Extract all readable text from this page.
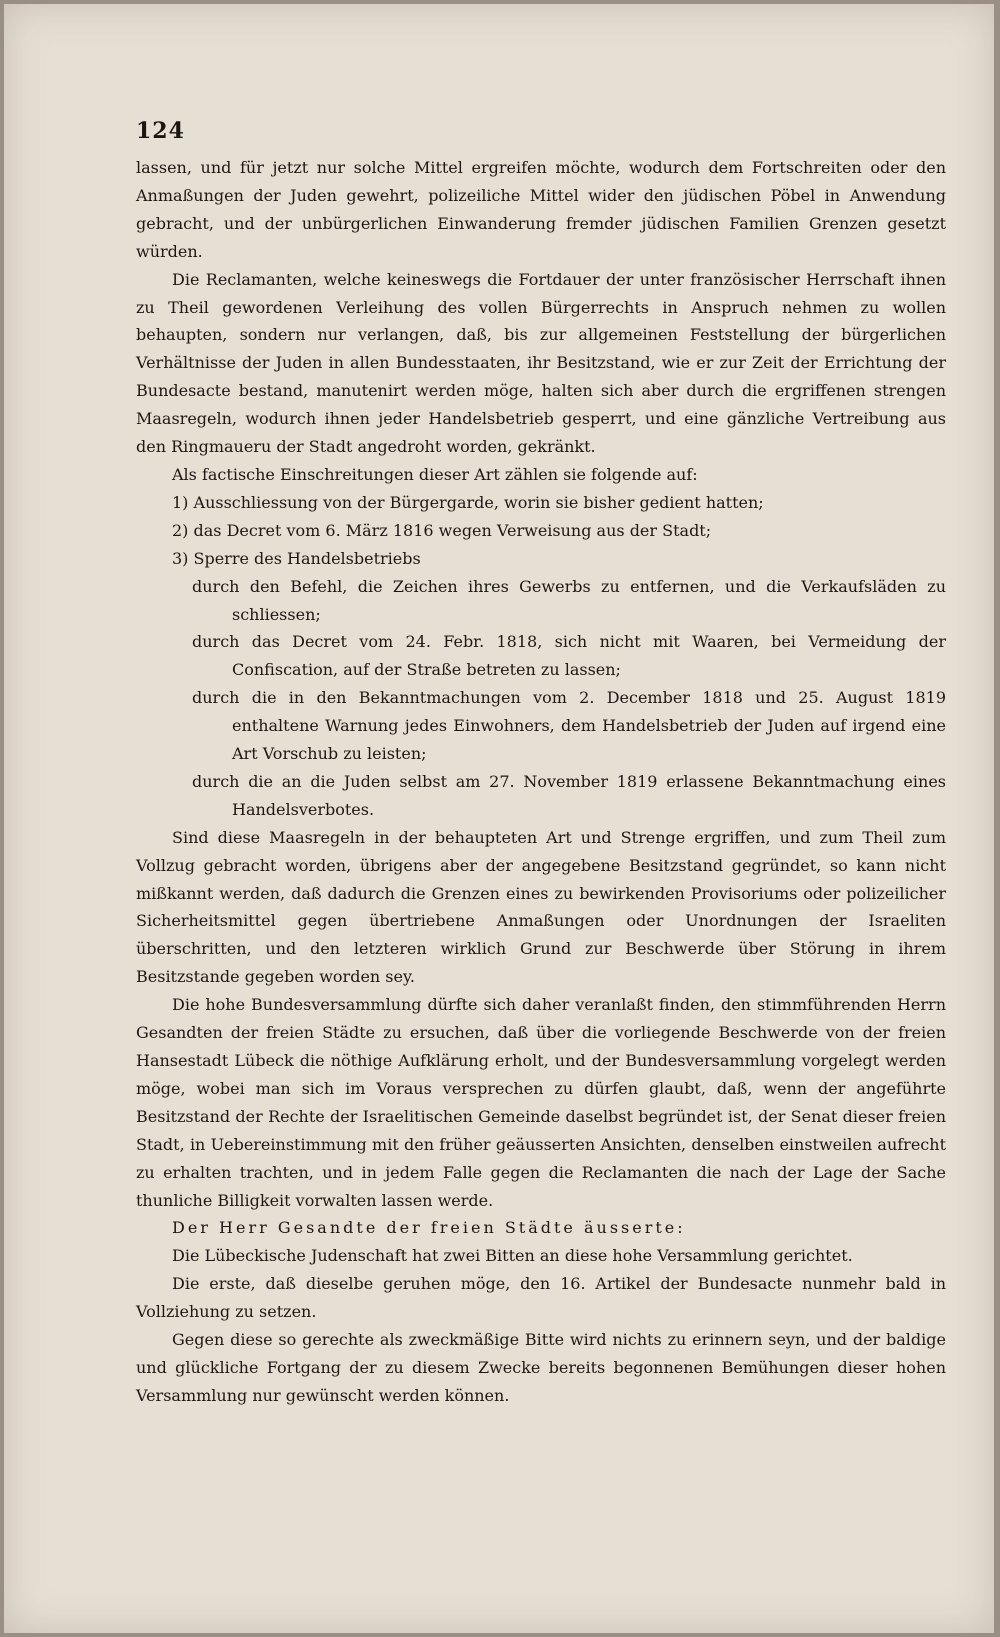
124

lassen, und für jetzt nur solche Mittel ergreifen möchte, wodurch dem Fortschreiten oder den Anmaßungen der Juden gewehrt, polizeiliche Mittel wider den jüdischen Pöbel in Anwendung gebracht, und der unbürgerlichen Einwanderung fremder jüdischen Familien Grenzen gesetzt würden.

Die Reclamanten, welche keineswegs die Fortdauer der unter französischer Herrschaft ihnen zu Theil gewordenen Verleihung des vollen Bürgerrechts in Anspruch nehmen zu wollen behaupten, sondern nur verlangen, daß, bis zur allgemeinen Feststellung der bürgerlichen Verhältnisse der Juden in allen Bundesstaaten, ihr Besitzstand, wie er zur Zeit der Errichtung der Bundesacte bestand, manutenirt werden möge, halten sich aber durch die ergriffenen strengen Maasregeln, wodurch ihnen jeder Handelsbetrieb gesperrt, und eine gänzliche Vertreibung aus den Ringmaueru der Stadt angedroht worden, gekränkt.

Als factische Einschreitungen dieser Art zählen sie folgende auf:

1) Ausschliessung von der Bürgergarde, worin sie bisher gedient hatten;

2) das Decret vom 6. März 1816 wegen Verweisung aus der Stadt;

3) Sperre des Handelsbetriebs

durch den Befehl, die Zeichen ihres Gewerbs zu entfernen, und die Verkaufsläden zu schliessen;

durch das Decret vom 24. Febr. 1818, sich nicht mit Waaren, bei Vermeidung der Confiscation, auf der Straße betreten zu lassen;

durch die in den Bekanntmachungen vom 2. December 1818 und 25. August 1819 enthaltene Warnung jedes Einwohners, dem Handelsbetrieb der Juden auf irgend eine Art Vorschub zu leisten;

durch die an die Juden selbst am 27. November 1819 erlassene Bekanntmachung eines Handelsverbotes.

Sind diese Maasregeln in der behaupteten Art und Strenge ergriffen, und zum Theil zum Vollzug gebracht worden, übrigens aber der angegebene Besitzstand gegründet, so kann nicht mißkannt werden, daß dadurch die Grenzen eines zu bewirkenden Provisoriums oder polizeilicher Sicherheitsmittel gegen übertriebene Anmaßungen oder Unordnungen der Israeliten überschritten, und den letzteren wirklich Grund zur Beschwerde über Störung in ihrem Besitzstande gegeben worden sey.

Die hohe Bundesversammlung dürfte sich daher veranlaßt finden, den stimmführenden Herrn Gesandten der freien Städte zu ersuchen, daß über die vorliegende Beschwerde von der freien Hansestadt Lübeck die nöthige Aufklärung erholt, und der Bundesversammlung vorgelegt werden möge, wobei man sich im Voraus versprechen zu dürfen glaubt, daß, wenn der angeführte Besitzstand der Rechte der Israelitischen Gemeinde daselbst begründet ist, der Senat dieser freien Stadt, in Uebereinstimmung mit den früher geäusserten Ansichten, denselben einstweilen aufrecht zu erhalten trachten, und in jedem Falle gegen die Reclamanten die nach der Lage der Sache thunliche Billigkeit vorwalten lassen werde.

Der Herr Gesandte der freien Städte äusserte:

Die Lübeckische Judenschaft hat zwei Bitten an diese hohe Versammlung gerichtet.

Die erste, daß dieselbe geruhen möge, den 16. Artikel der Bundesacte nunmehr bald in Vollziehung zu setzen.

Gegen diese so gerechte als zweckmäßige Bitte wird nichts zu erinnern seyn, und der baldige und glückliche Fortgang der zu diesem Zwecke bereits begonnenen Bemühungen dieser hohen Versammlung nur gewünscht werden können.
